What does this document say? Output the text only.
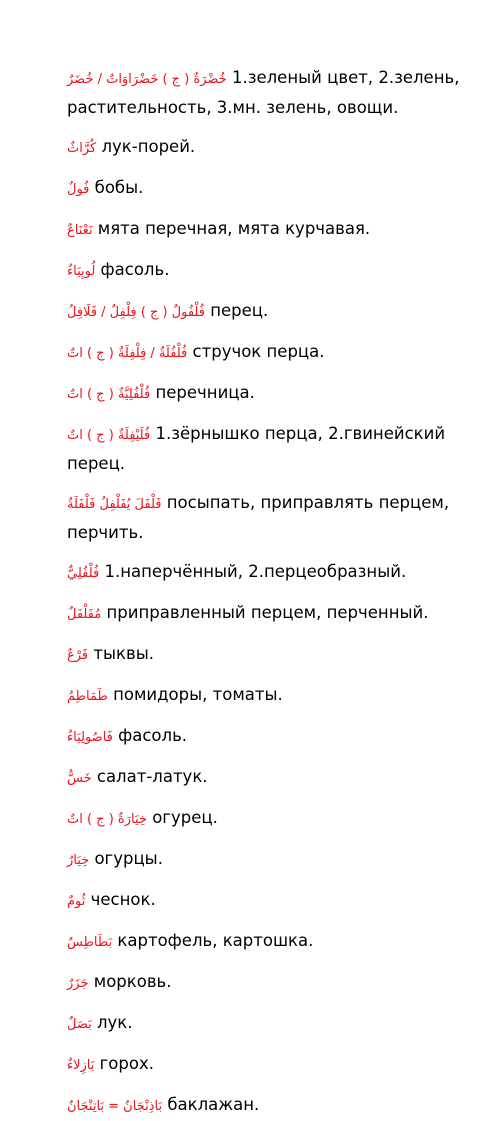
خُضْرَةٌ ( ج ) خَضْرَاوَاتٌ / خُضَرٌ 1.зеленый цвет, 2.зелень, растительность, 3.мн. зелень, овощи.
كُرَّاثٌ лук-порей.
فُولٌ бобы.
نَعْنَاعٌ мята перечная, мята курчавая.
لُوبِيَاءُ фасоль.
فُلْفُولٌ ( ج ) فِلْفِلٌ / فَلَافِلُ перец.
فُلْفُلَةٌ / فِلْفِلَةٌ ( ج ) اتٌ стручок перца.
فُلْفُلِيَّةٌ ( ج ) اتٌ перечница.
فُلَيْفِلَةٌ ( ج ) اتٌ 1.зёрнышко перца, 2.гвинейский перец.
فَلْفَلَ يُفَلْفِلُ فَلْفَلَةٌ посыпать, приправлять перцем, перчить.
فُلْفُلِيٌّ 1.наперчённый, 2.перцеобразный.
مُفَلْفَلٌ приправленный перцем, перченный.
قَرْعٌ тыквы.
طَمَاطِمُ помидоры, томаты.
فَاصُولِيَاءُ фасоль.
خَسٌّ салат-латук.
خِيَارَةٌ ( ج ) اتٌ огурец.
خِيَارٌ огурцы.
ثُومٌ чеснок.
بَطَاطِسٌ картофель, картошка.
جَزَرٌ морковь.
بَصَلٌ лук.
بَازِلاءٌ горох.
بَاذِنْجَانٌ = بَاتِنْجَانٌ баклажан.
